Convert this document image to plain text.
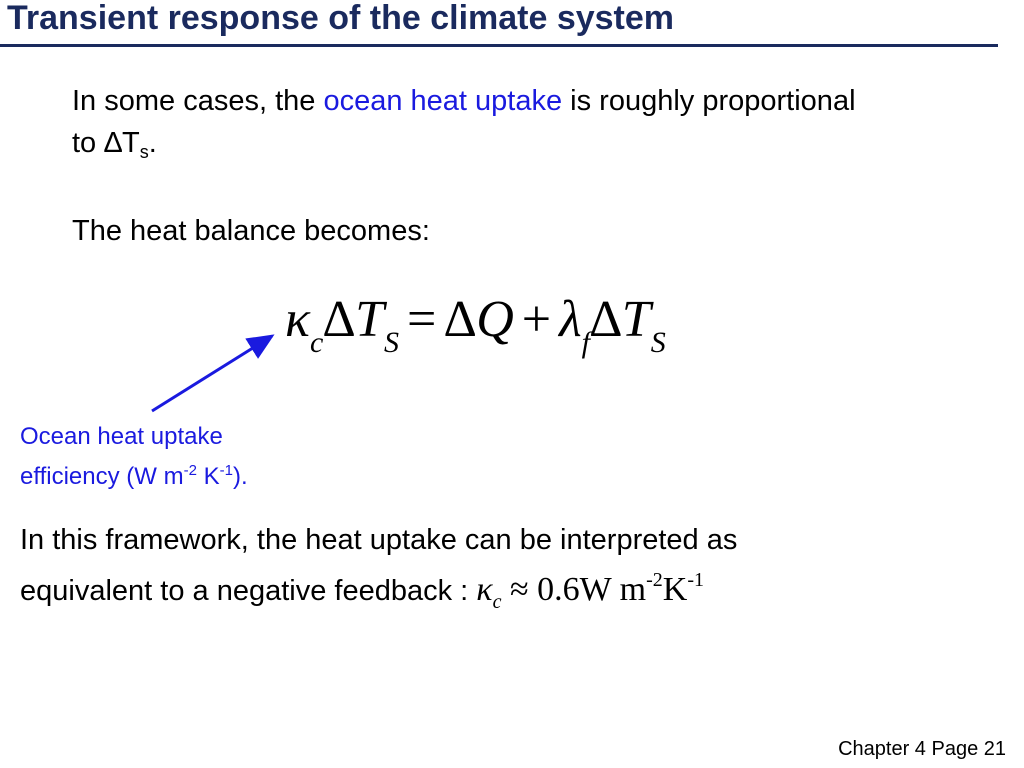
Transient response of the climate system
In some cases, the ocean heat uptake is roughly proportional
to $\Delta T_s$.
The heat balance becomes:
$\kappa_c\Delta T_S = \Delta Q + \lambda_f\Delta T_S$
Ocean heat uptake
efficiency (W $m^{-2}$ $K^{-1}$).
In this framework, the heat uptake can be interpreted as
equivalent to a negative feedback : $\kappa_c \approx 0.6W$ $m^{-2}K^{-1}$
Chapter 4 Page 21
